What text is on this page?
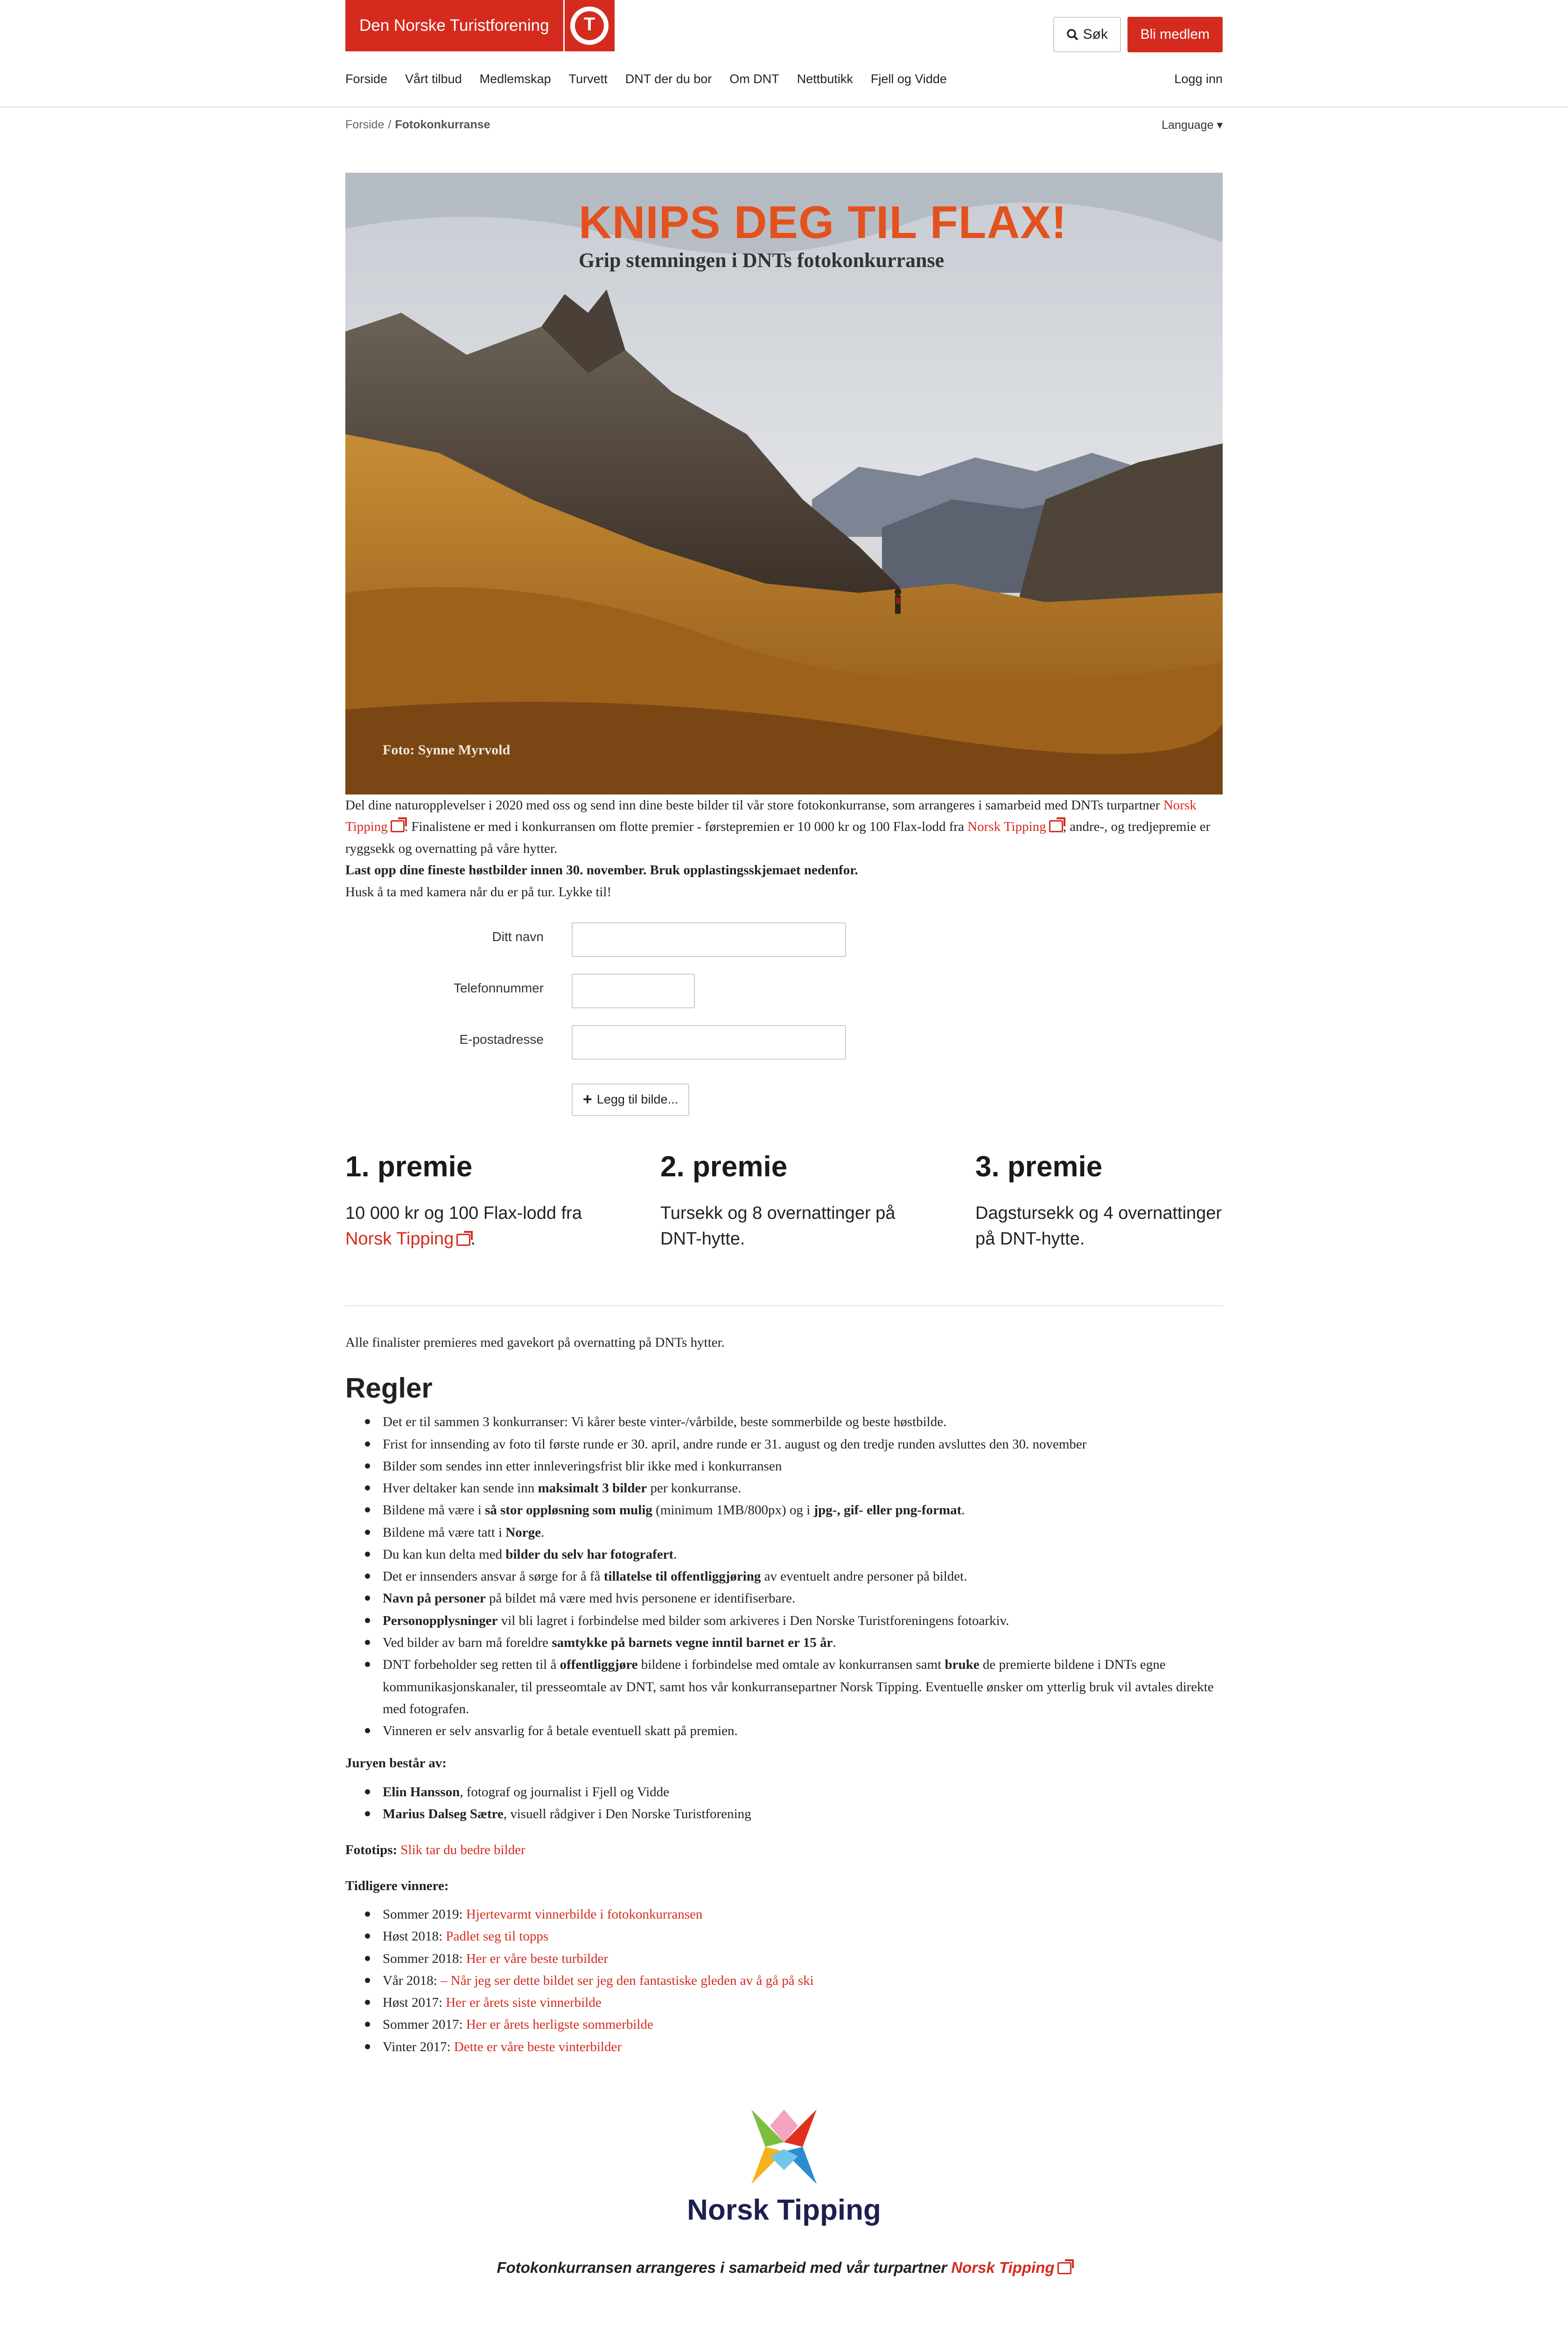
Den Norske Turistforening
T	Søk	Bli medlem
Forside Vårt tilbud Medlemskap Turvett DNT der du bor Om DNT Nettbutikk Fjell og Vidde	Logg inn
Forside / Fotokonkurranse	Language ▾
KNIPS DEG TIL FLAX!
Grip stemningen i DNTs fotokonkurranse
Foto: Synne Myrvold

Del dine naturopplevelser i 2020 med oss og send inn dine beste bilder til vår store fotokonkurranse, som arrangeres i samarbeid med DNTs turpartner Norsk Tipping . Finalistene er med i konkurransen om flotte premier - førstepremien er 10 000 kr og 100 Flax-lodd fra Norsk Tipping , andre-, og tredjepremie er ryggsekk og overnatting på våre hytter.

Last opp dine fineste høstbilder innen 30. november. Bruk opplastingsskjemaet nedenfor.

Husk å ta med kamera når du er på tur. Lykke til!

Ditt navn
Telefonnummer
E-postadresse
+ Legg til bilde...
1. premie

10 000 kr og 100 Flax-lodd fra Norsk Tipping .

2. premie

Tursekk og 8 overnattinger på DNT-hytte.

3. premie

Dagstursekk og 4 overnattinger på DNT-hytte.

Alle finalister premieres med gavekort på overnatting på DNTs hytter.

Regler
Det er til sammen 3 konkurranser: Vi kårer beste vinter-/vårbilde, beste sommerbilde og beste høstbilde.
Frist for innsending av foto til første runde er 30. april, andre runde er 31. august og den tredje runden avsluttes den 30. november
Bilder som sendes inn etter innleveringsfrist blir ikke med i konkurransen
Hver deltaker kan sende inn maksimalt 3 bilder per konkurranse.
Bildene må være i så stor oppløsning som mulig (minimum 1MB/800px) og i jpg-, gif- eller png-format.
Bildene må være tatt i Norge.
Du kan kun delta med bilder du selv har fotografert.
Det er innsenders ansvar å sørge for å få tillatelse til offentliggjøring av eventuelt andre personer på bildet.
Navn på personer på bildet må være med hvis personene er identifiserbare.
Personopplysninger vil bli lagret i forbindelse med bilder som arkiveres i Den Norske Turistforeningens fotoarkiv.
Ved bilder av barn må foreldre samtykke på barnets vegne inntil barnet er 15 år.
DNT forbeholder seg retten til å offentliggjøre bildene i forbindelse med omtale av konkurransen samt bruke de premierte bildene i DNTs egne kommunikasjonskanaler, til presseomtale av DNT, samt hos vår konkurransepartner Norsk Tipping. Eventuelle ønsker om ytterlig bruk vil avtales direkte med fotografen.
Vinneren er selv ansvarlig for å betale eventuell skatt på premien.

Juryen består av:

Elin Hansson, fotograf og journalist i Fjell og Vidde
Marius Dalseg Sætre, visuell rådgiver i Den Norske Turistforening

Fototips: Slik tar du bedre bilder

Tidligere vinnere:

Sommer 2019: Hjertevarmt vinnerbilde i fotokonkurransen
Høst 2018: Padlet seg til topps
Sommer 2018: Her er våre beste turbilder
Vår 2018: – Når jeg ser dette bildet ser jeg den fantastiske gleden av å gå på ski
Høst 2017: Her er årets siste vinnerbilde
Sommer 2017: Her er årets herligste sommerbilde
Vinter 2017: Dette er våre beste vinterbilder
Norsk Tipping

Fotokonkurransen arrangeres i samarbeid med vår turpartner Norsk Tipping
